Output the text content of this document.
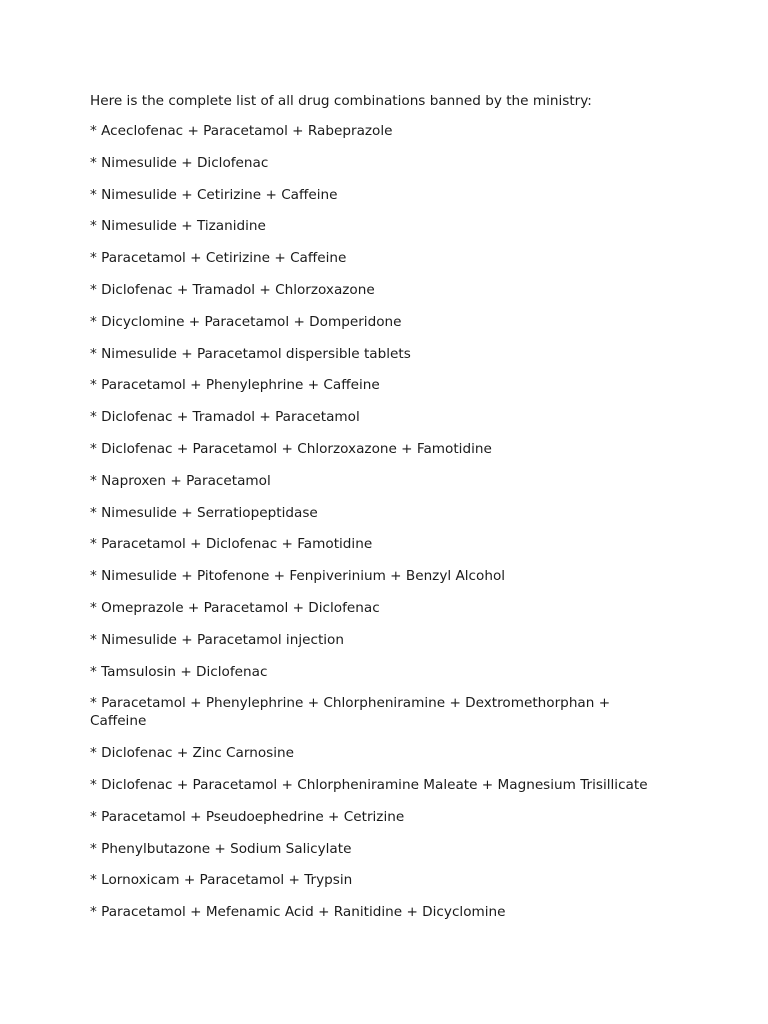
Here is the complete list of all drug combinations banned by the ministry:

* Aceclofenac + Paracetamol + Rabeprazole
* Nimesulide + Diclofenac
* Nimesulide + Cetirizine + Caffeine
* Nimesulide + Tizanidine
* Paracetamol + Cetirizine + Caffeine
* Diclofenac + Tramadol + Chlorzoxazone
* Dicyclomine + Paracetamol + Domperidone
* Nimesulide + Paracetamol dispersible tablets
* Paracetamol + Phenylephrine + Caffeine
* Diclofenac + Tramadol + Paracetamol
* Diclofenac + Paracetamol + Chlorzoxazone + Famotidine
* Naproxen + Paracetamol
* Nimesulide + Serratiopeptidase
* Paracetamol + Diclofenac + Famotidine
* Nimesulide + Pitofenone + Fenpiverinium + Benzyl Alcohol
* Omeprazole + Paracetamol + Diclofenac
* Nimesulide + Paracetamol injection
* Tamsulosin + Diclofenac
* Paracetamol + Phenylephrine + Chlorpheniramine + Dextromethorphan + Caffeine
* Diclofenac + Zinc Carnosine
* Diclofenac + Paracetamol + Chlorpheniramine Maleate + Magnesium Trisillicate
* Paracetamol + Pseudoephedrine + Cetrizine
* Phenylbutazone + Sodium Salicylate
* Lornoxicam + Paracetamol + Trypsin
* Paracetamol + Mefenamic Acid + Ranitidine + Dicyclomine
